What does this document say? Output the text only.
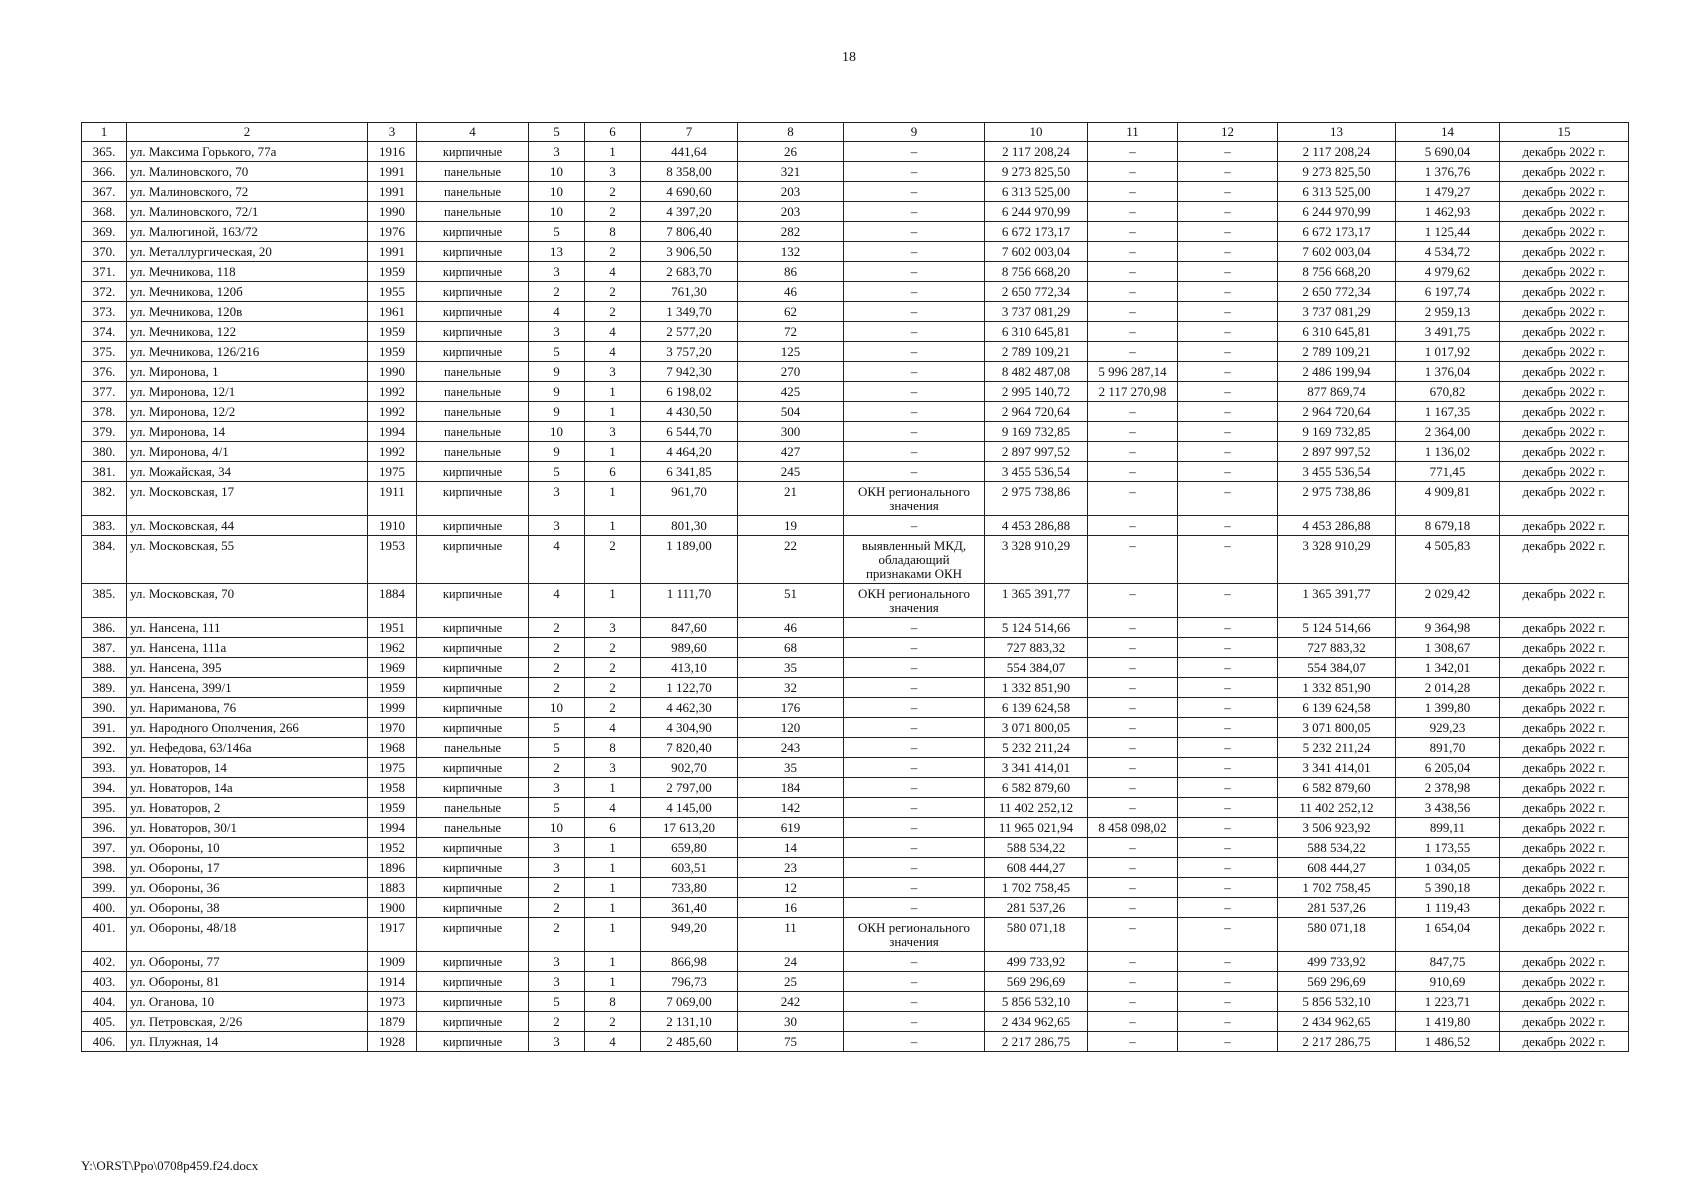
18
1	2	3	4	5	6	7	8	9	10	11	12	13	14	15
365.	ул. Максима Горького, 77а	1916	кирпичные	3	1	441,64	26	–	2 117 208,24	–	–	2 117 208,24	5 690,04	декабрь 2022 г.
366.	ул. Малиновского, 70	1991	панельные	10	3	8 358,00	321	–	9 273 825,50	–	–	9 273 825,50	1 376,76	декабрь 2022 г.
367.	ул. Малиновского, 72	1991	панельные	10	2	4 690,60	203	–	6 313 525,00	–	–	6 313 525,00	1 479,27	декабрь 2022 г.
368.	ул. Малиновского, 72/1	1990	панельные	10	2	4 397,20	203	–	6 244 970,99	–	–	6 244 970,99	1 462,93	декабрь 2022 г.
369.	ул. Малюгиной, 163/72	1976	кирпичные	5	8	7 806,40	282	–	6 672 173,17	–	–	6 672 173,17	1 125,44	декабрь 2022 г.
370.	ул. Металлургическая, 20	1991	кирпичные	13	2	3 906,50	132	–	7 602 003,04	–	–	7 602 003,04	4 534,72	декабрь 2022 г.
371.	ул. Мечникова, 118	1959	кирпичные	3	4	2 683,70	86	–	8 756 668,20	–	–	8 756 668,20	4 979,62	декабрь 2022 г.
372.	ул. Мечникова, 120б	1955	кирпичные	2	2	761,30	46	–	2 650 772,34	–	–	2 650 772,34	6 197,74	декабрь 2022 г.
373.	ул. Мечникова, 120в	1961	кирпичные	4	2	1 349,70	62	–	3 737 081,29	–	–	3 737 081,29	2 959,13	декабрь 2022 г.
374.	ул. Мечникова, 122	1959	кирпичные	3	4	2 577,20	72	–	6 310 645,81	–	–	6 310 645,81	3 491,75	декабрь 2022 г.
375.	ул. Мечникова, 126/216	1959	кирпичные	5	4	3 757,20	125	–	2 789 109,21	–	–	2 789 109,21	1 017,92	декабрь 2022 г.
376.	ул. Миронова, 1	1990	панельные	9	3	7 942,30	270	–	8 482 487,08	5 996 287,14	–	2 486 199,94	1 376,04	декабрь 2022 г.
377.	ул. Миронова, 12/1	1992	панельные	9	1	6 198,02	425	–	2 995 140,72	2 117 270,98	–	877 869,74	670,82	декабрь 2022 г.
378.	ул. Миронова, 12/2	1992	панельные	9	1	4 430,50	504	–	2 964 720,64	–	–	2 964 720,64	1 167,35	декабрь 2022 г.
379.	ул. Миронова, 14	1994	панельные	10	3	6 544,70	300	–	9 169 732,85	–	–	9 169 732,85	2 364,00	декабрь 2022 г.
380.	ул. Миронова, 4/1	1992	панельные	9	1	4 464,20	427	–	2 897 997,52	–	–	2 897 997,52	1 136,02	декабрь 2022 г.
381.	ул. Можайская, 34	1975	кирпичные	5	6	6 341,85	245	–	3 455 536,54	–	–	3 455 536,54	771,45	декабрь 2022 г.
382.	ул. Московская, 17	1911	кирпичные	3	1	961,70	21	ОКН регионального значения	2 975 738,86	–	–	2 975 738,86	4 909,81	декабрь 2022 г.
383.	ул. Московская, 44	1910	кирпичные	3	1	801,30	19	–	4 453 286,88	–	–	4 453 286,88	8 679,18	декабрь 2022 г.
384.	ул. Московская, 55	1953	кирпичные	4	2	1 189,00	22	выявленный МКД, обладающий признаками ОКН	3 328 910,29	–	–	3 328 910,29	4 505,83	декабрь 2022 г.
385.	ул. Московская, 70	1884	кирпичные	4	1	1 111,70	51	ОКН регионального значения	1 365 391,77	–	–	1 365 391,77	2 029,42	декабрь 2022 г.
386.	ул. Нансена, 111	1951	кирпичные	2	3	847,60	46	–	5 124 514,66	–	–	5 124 514,66	9 364,98	декабрь 2022 г.
387.	ул. Нансена, 111а	1962	кирпичные	2	2	989,60	68	–	727 883,32	–	–	727 883,32	1 308,67	декабрь 2022 г.
388.	ул. Нансена, 395	1969	кирпичные	2	2	413,10	35	–	554 384,07	–	–	554 384,07	1 342,01	декабрь 2022 г.
389.	ул. Нансена, 399/1	1959	кирпичные	2	2	1 122,70	32	–	1 332 851,90	–	–	1 332 851,90	2 014,28	декабрь 2022 г.
390.	ул. Нариманова, 76	1999	кирпичные	10	2	4 462,30	176	–	6 139 624,58	–	–	6 139 624,58	1 399,80	декабрь 2022 г.
391.	ул. Народного Ополчения, 266	1970	кирпичные	5	4	4 304,90	120	–	3 071 800,05	–	–	3 071 800,05	929,23	декабрь 2022 г.
392.	ул. Нефедова, 63/146а	1968	панельные	5	8	7 820,40	243	–	5 232 211,24	–	–	5 232 211,24	891,70	декабрь 2022 г.
393.	ул. Новаторов, 14	1975	кирпичные	2	3	902,70	35	–	3 341 414,01	–	–	3 341 414,01	6 205,04	декабрь 2022 г.
394.	ул. Новаторов, 14а	1958	кирпичные	3	1	2 797,00	184	–	6 582 879,60	–	–	6 582 879,60	2 378,98	декабрь 2022 г.
395.	ул. Новаторов, 2	1959	панельные	5	4	4 145,00	142	–	11 402 252,12	–	–	11 402 252,12	3 438,56	декабрь 2022 г.
396.	ул. Новаторов, 30/1	1994	панельные	10	6	17 613,20	619	–	11 965 021,94	8 458 098,02	–	3 506 923,92	899,11	декабрь 2022 г.
397.	ул. Обороны, 10	1952	кирпичные	3	1	659,80	14	–	588 534,22	–	–	588 534,22	1 173,55	декабрь 2022 г.
398.	ул. Обороны, 17	1896	кирпичные	3	1	603,51	23	–	608 444,27	–	–	608 444,27	1 034,05	декабрь 2022 г.
399.	ул. Обороны, 36	1883	кирпичные	2	1	733,80	12	–	1 702 758,45	–	–	1 702 758,45	5 390,18	декабрь 2022 г.
400.	ул. Обороны, 38	1900	кирпичные	2	1	361,40	16	–	281 537,26	–	–	281 537,26	1 119,43	декабрь 2022 г.
401.	ул. Обороны, 48/18	1917	кирпичные	2	1	949,20	11	ОКН регионального значения	580 071,18	–	–	580 071,18	1 654,04	декабрь 2022 г.
402.	ул. Обороны, 77	1909	кирпичные	3	1	866,98	24	–	499 733,92	–	–	499 733,92	847,75	декабрь 2022 г.
403.	ул. Обороны, 81	1914	кирпичные	3	1	796,73	25	–	569 296,69	–	–	569 296,69	910,69	декабрь 2022 г.
404.	ул. Оганова, 10	1973	кирпичные	5	8	7 069,00	242	–	5 856 532,10	–	–	5 856 532,10	1 223,71	декабрь 2022 г.
405.	ул. Петровская, 2/26	1879	кирпичные	2	2	2 131,10	30	–	2 434 962,65	–	–	2 434 962,65	1 419,80	декабрь 2022 г.
406.	ул. Плужная, 14	1928	кирпичные	3	4	2 485,60	75	–	2 217 286,75	–	–	2 217 286,75	1 486,52	декабрь 2022 г.
Y:\ORST\Ppo\0708p459.f24.docx
